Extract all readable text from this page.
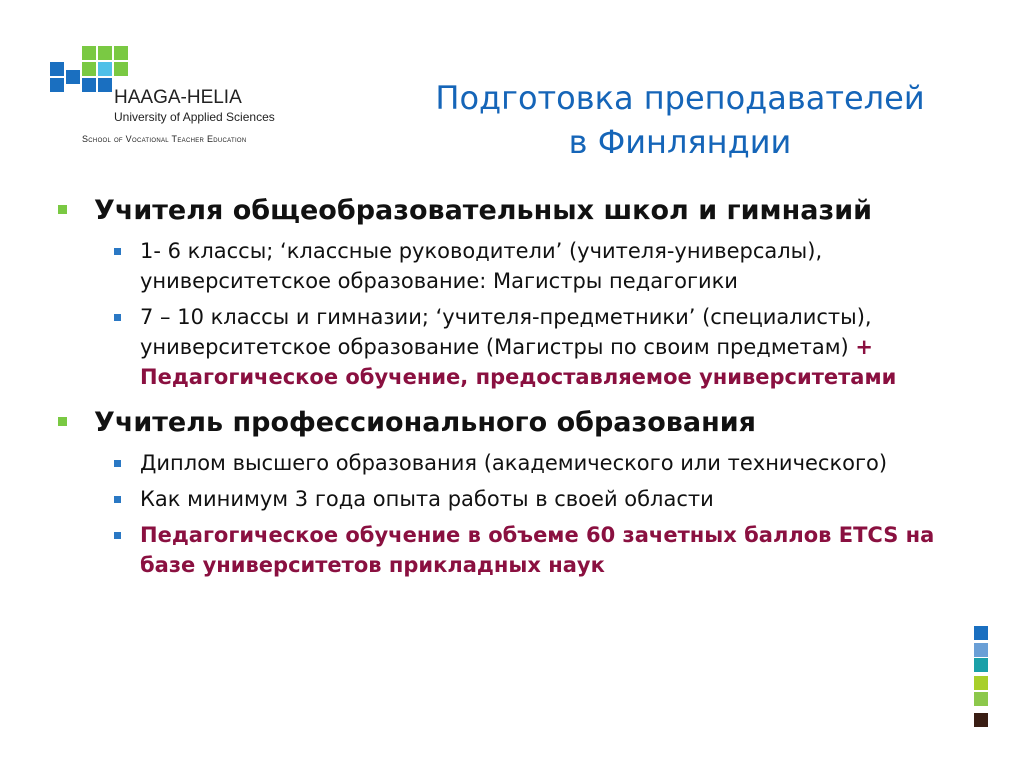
HAAGA-HELIA

University of Applied Sciences

School of Vocational Teacher Education

Подготовка преподавателей
в Финляндии
Учителя общеобразовательных школ и гимназий
1- 6 классы; ‘классные руководители’ (учителя-универсалы), университетское образование: Магистры педагогики
7 – 10 классы и гимназии; ‘учителя-предметники’ (специалисты), университетское образование (Магистры по своим предметам) + Педагогическое обучение, предоставляемое университетами
Учитель профессионального образования
Диплом высшего образования (академического или технического)
Как минимум 3 года опыта работы в своей области
Педагогическое обучение в объеме 60 зачетных баллов ETCS на базе университетов прикладных наук
